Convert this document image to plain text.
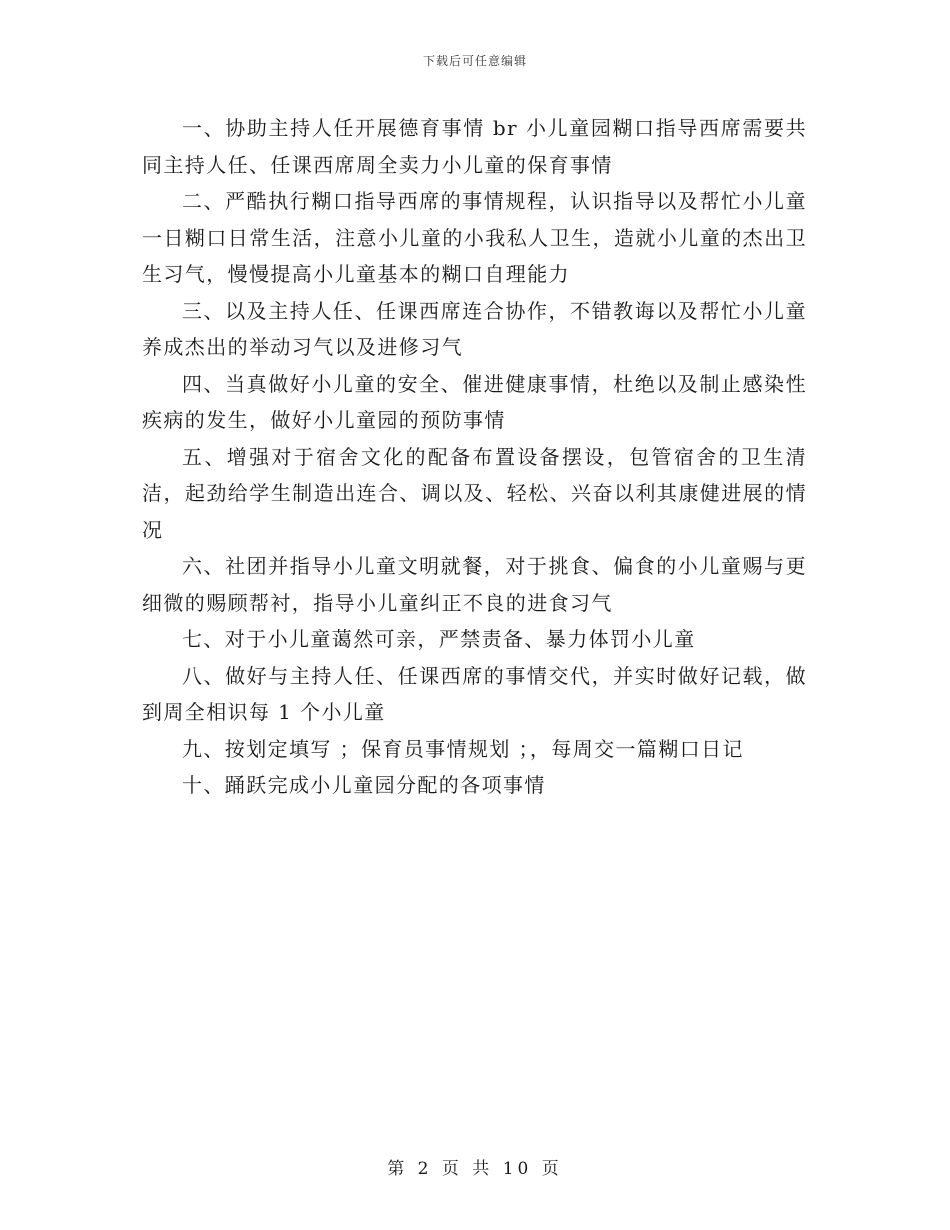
下载后可任意编辑

一、协助主持人任开展德育事情 br 小儿童园糊口指导西席需要共同主持人任、任课西席周全卖力小儿童的保育事情

二、严酷执行糊口指导西席的事情规程，认识指导以及帮忙小儿童一日糊口日常生活，注意小儿童的小我私人卫生，造就小儿童的杰出卫生习气，慢慢提高小儿童基本的糊口自理能力

三、以及主持人任、任课西席连合协作，不错教诲以及帮忙小儿童养成杰出的举动习气以及进修习气

四、当真做好小儿童的安全、催进健康事情，杜绝以及制止感染性疾病的发生，做好小儿童园的预防事情

五、增强对于宿舍文化的配备布置设备摆设，包管宿舍的卫生清洁，起劲给学生制造出连合、调以及、轻松、兴奋以利其康健进展的情况

六、社团并指导小儿童文明就餐，对于挑食、偏食的小儿童赐与更细微的赐顾帮衬，指导小儿童纠正不良的进食习气

七、对于小儿童蔼然可亲，严禁责备、暴力体罚小儿童

八、做好与主持人任、任课西席的事情交代，并实时做好记载，做到周全相识每 1 个小儿童

九、按划定填写 ；保育员事情规划 ；，每周交一篇糊口日记

十、踊跃完成小儿童园分配的各项事情

第 2 页 共 10 页
